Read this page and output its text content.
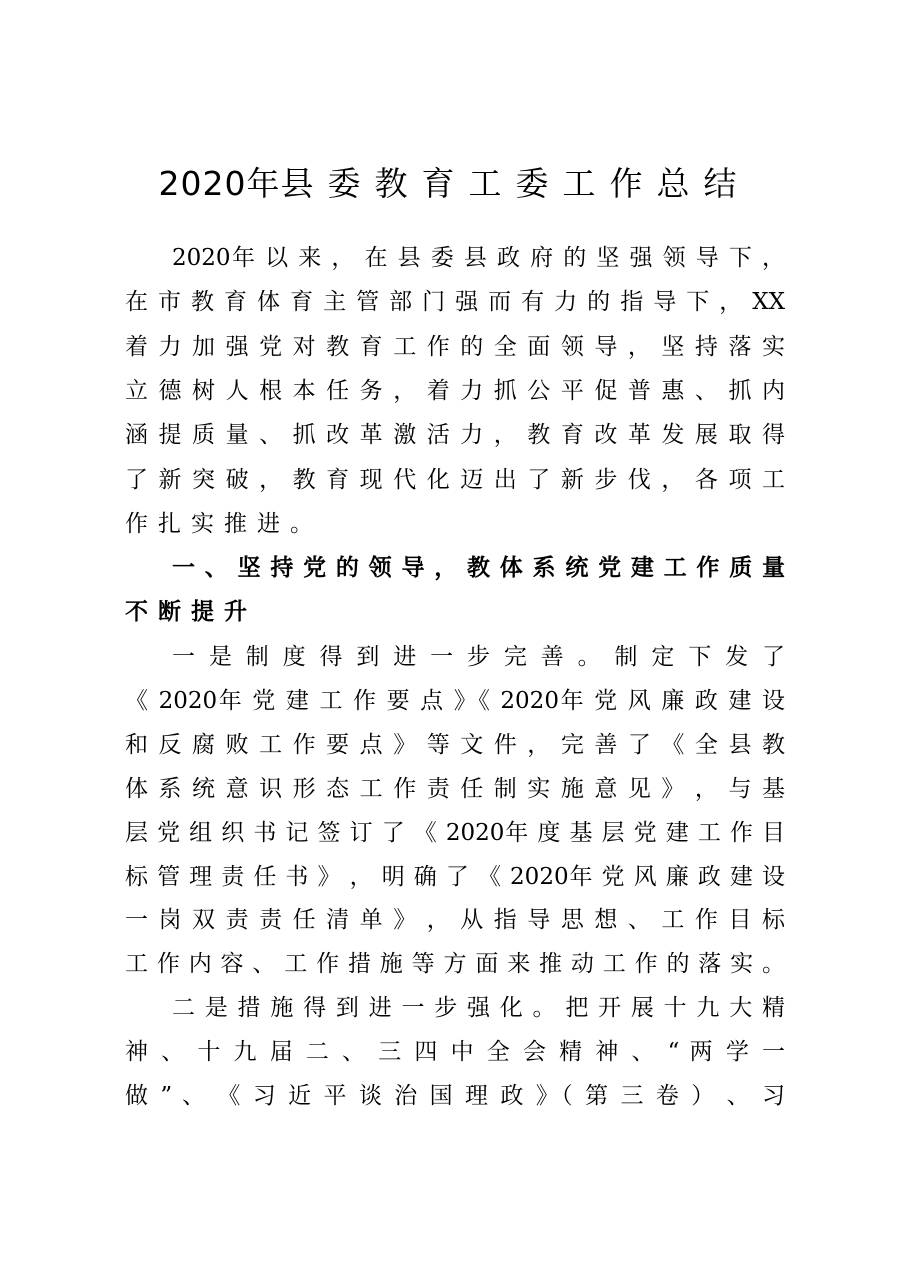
2020年县委教育工委工作总结
2020年 以 来 ， 在 县 委 县 政 府 的 坚 强 领 导 下 ，
在 市 教 育 体 育 主 管 部 门 强 而 有 力 的 指 导 下 ， XX
着 力 加 强 党 对 教 育 工 作 的 全 面 领 导 ， 坚 持 落 实
立 德 树 人 根 本 任 务 ， 着 力 抓 公 平 促 普 惠 、 抓 内
涵 提 质 量 、 抓 改 革 激 活 力 ， 教 育 改 革 发 展 取 得
了 新 突 破 ， 教 育 现 代 化 迈 出 了 新 步 伐 ， 各 项 工
作扎实推进。
一 、 坚 持 党 的 领 导 ， 教 体 系 统 党 建 工 作 质 量
不断提升
一 是 制 度 得 到 进 一 步 完 善 。 制 定 下 发 了
《 2020年 党 建 工 作 要 点 》《 2020年 党 风 廉 政 建 设
和 反 腐 败 工 作 要 点 》 等 文 件 ， 完 善 了 《 全 县 教
体 系 统 意 识 形 态 工 作 责 任 制 实 施 意 见 》 ， 与 基
层 党 组 织 书 记 签 订 了 《 2020年 度 基 层 党 建 工 作 目
标 管 理 责 任 书 》 ， 明 确 了 《 2020年 党 风 廉 政 建 设
一 岗 双 责 责 任 清 单 》 ， 从 指 导 思 想 、 工 作 目 标
工 作 内 容 、 工 作 措 施 等 方 面 来 推 动 工 作 的 落 实 。
二 是 措 施 得 到 进 一 步 强 化 。 把 开 展 十 九 大 精
神 、 十 九 届 二 、 三 四 中 全 会 精 神 、 “ 两 学 一
做 ” 、 《 习 近 平 谈 治 国 理 政 》（ 第 三 卷 ） 、 习
